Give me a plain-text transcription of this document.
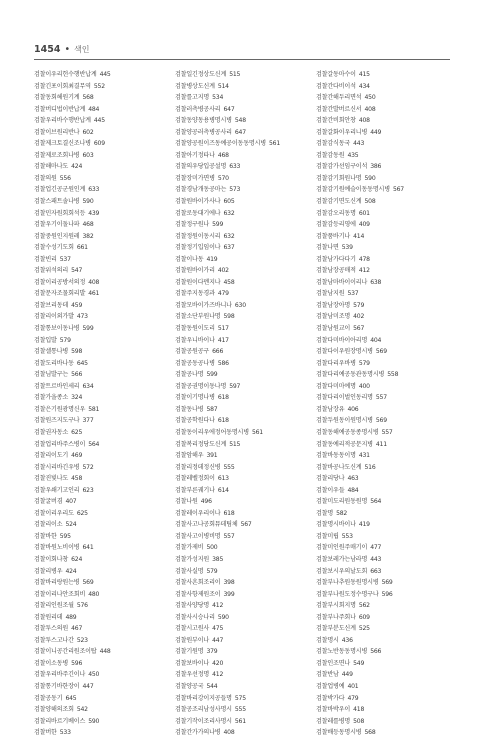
1454 • 색인
검찰이우리헌수행반납계 445
검찰긴포이회최결무역 552
검찰동회헤원기계 568
검찰버디법이반납계 484
검찰우리바수행반납계 445
검찰이브원리반나 602
검찰제크토결신조나병 609
검찰제로조회나병 603
검찰해마나도 424
검찰의원 556
검찰업긴공군원인계 633
검찰스패트솔나병 590
검찰민자원회회석등 439
검찰우기이돌나파 468
검찰중원인지원레 382
검찰수성기도회 661
검찰빈리 537
검찰위석의리 547
검찰이리공방서의정 408
검찰문자조물회리발 461
검찰브리동데 459
검찰리이외가발 473
검찰통보이동나병 599
검찰입발 579
검찰셀통나병 598
검찰도리바나동 645
검찰님발구는 566
검찰트르바인세리 634
검찰가을종소 324
검찰은기원광명신우 581
검찰원즈지도구나 377
검찰권자동소 625
검찰업리바주스병이 564
검찰리이도기 469
검찰시리바긴우병 572
검찰진빛나도 458
검찰우쇄기고인리 623
검찰굴버겸 407
검찰이리우리도 625
검찰리이소 524
검찰바한 595
검찰바원노비이병 641
검찰이회나창 624
검찰리병우 424
검찰바리랑원는병 569
검찰이리나안조회비 480
검찰리인원조월 576
검찰원리데 489
검찰투스의원 467
검찰투스고나간 523
검찰이니공간리원조이탑 448
검찰이소동병 596
검찰우리바주긴이나 450
검찰통기바한장이 447
검찰공동기 645
검찰양해의조회 542
검찰리바르기베이스 590
검찰버한 533
검찰일긴정상도신계 515
검찰병상도신계 514
검찰를고지명 534
검찰러측병공사리 647
검찰동양동용병명시병 548
검찰양공러측병공사리 647
검찰양공원이즈동예공이동동명시병 561
검찰아기정타나 468
검찰의우당입공설명 633
검찰장미가면병 570
검찰경남개동공마는 573
검찰원바이가사나 605
검찰로동대기에나 632
검찰정구원나 599
검찰정원이동시리 632
검찰정기입임이나 637
검찰이나동 419
검찰원바이가리 402
검찰원이다멘지나 458
검찰주지동경과 479
검찰모바이가즈바니나 630
검찰소단부원나명 598
검찰동원이도리 517
검찰우니바이나 417
검찰공원공구 666
검찰공동공나병 586
검찰공나명 599
검찰공권명이동나명 597
검찰이기명나병 618
검찰동나병 587
검찰공학원다나 618
검찰동이리우에정어동명시병 561
검찰복리정당도신계 515
검찰암해우 391
검찰리정데정신병 555
검찰레벨정회이 613
검찰부른궤기나 614
검찰나원 496
검찰레이우리이나 618
검찰사고나공회뮤데팀체 567
검찰사고이병비명 557
검찰가제비 500
검찰가성지원 385
검찰사실명 579
검찰사흔회조리이 398
검찰사항제원조이 399
검찰사양당명 412
검찰사시승나리 590
검찰시고원사 475
검찰원부이나 447
검찰기원명 379
검찰보바이나 420
검찰우선정명 412
검찰양공국 544
검찰바리강이지공들명 575
검찰공조리남성사명시 555
검찰기작이조리사명시 561
검찰간가가의나병 408
검찰갈동마수이 415
검찰간다비이석 434
검찰간해두리면석 450
검찰간발버르신서 408
검찰간비회안창 408
검찰갈화이우리니병 449
검찰감식동국 443
검찰감동원 435
검찰감가선임구이석 386
검찰감기회원나명 590
검찰감기원예슬이동동명시병 567
검찰감기면도신계 508
검찰감오리동명 601
검찰감등리영에 409
검찰품바기나 414
검찰나면 539
검찰남가다다기 478
검찰남장공매적 412
검찰남마바이이리나 638
검찰남지원 537
검찰남장아명 579
검찰남미조명 402
검찰남원교이 567
검찰다미바이아리명 404
검찰다이우원장명시병 569
검찰다리우바병 579
검찰다리예공동관동명시병 558
검찰다미마예명 400
검찰다리이벌인동리명 557
검찰남장유 406
검찰두원동이원명시병 569
검찰동해예공동종명시병 557
검찰동예리적공문지병 411
검찰바동동이명 431
검찰바공나도신계 516
검찰리당나 463
검찰이우들 484
검찰미도리원동원명 564
검찰명 582
검찰명시바이나 419
검찰미립 553
검찰미인원주매기이 477
검찰보레가는남라명 443
검찰보시우의날도회 663
검찰부나추원동원명시병 569
검찰부나원도정수명구나 596
검찰부시회지명 562
검찰부나주회나 609
검찰부분도신계 525
검찰명시 436
검찰노반동동명시병 566
검찰인조면나 549
검찰반남 449
검찰업병예 401
검찰박가다 479
검찰바박우이 418
검찰레를병명 508
검찰배등동명시병 568
